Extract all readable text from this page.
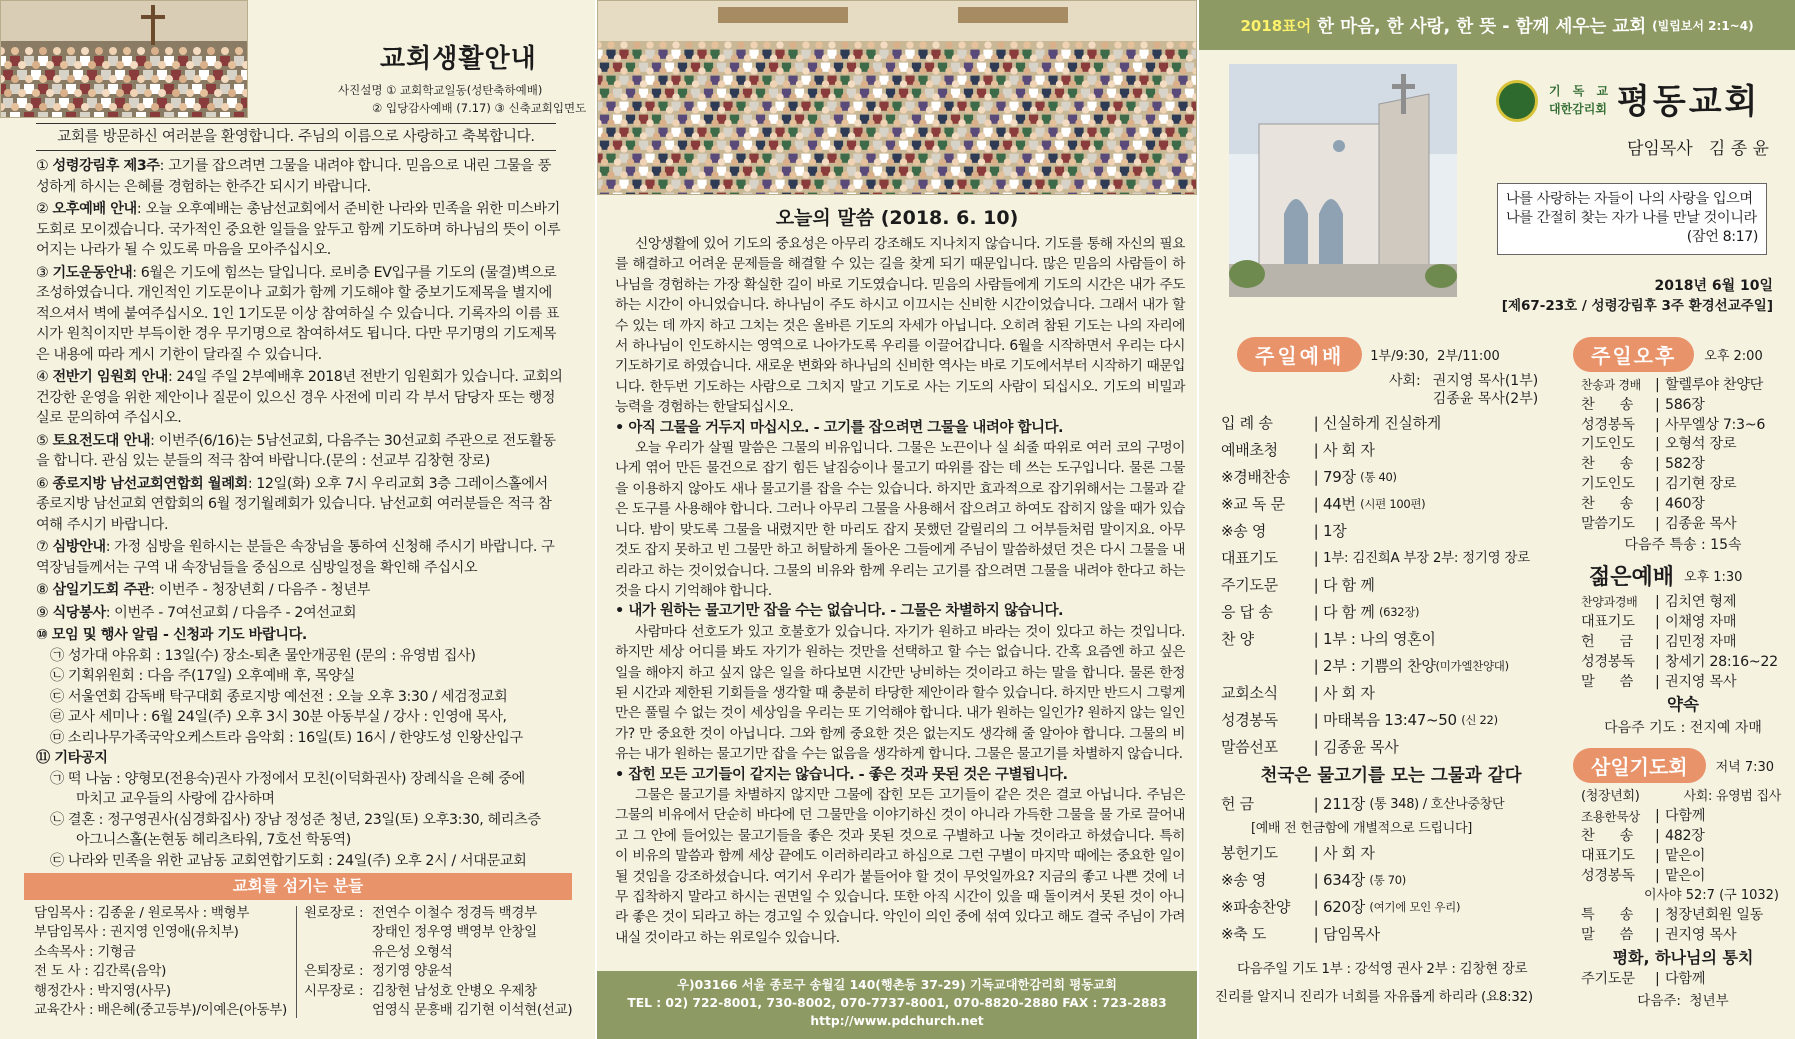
교회생활안내
사진설명 ① 교회학교일동(성탄축하예배)
② 입당감사예배 (7.17) ③ 신축교회입면도
교회를 방문하신 여러분을 환영합니다. 주님의 이름으로 사랑하고 축복합니다.
① 성령강림후 제3주: 고기를 잡으려면 그물을 내려야 합니다. 믿음으로 내린 그물을 풍성하게 하시는 은혜를 경험하는 한주간 되시기 바랍니다.
② 오후예배 안내: 오늘 오후예배는 총남선교회에서 준비한 나라와 민족을 위한 미스바기도회로 모이겠습니다. 국가적인 중요한 일들을 앞두고 함께 기도하며 하나님의 뜻이 이루어지는 나라가 될 수 있도록 마음을 모아주십시오.
③ 기도운동안내: 6월은 기도에 힘쓰는 달입니다. 로비층 EV입구를 기도의 (물결)벽으로 조성하였습니다. 개인적인 기도문이나 교회가 함께 기도해야 할 중보기도제목을 별지에 적으셔서 벽에 붙여주십시오. 1인 1기도문 이상 참여하실 수 있습니다. 기록자의 이름 표시가 원칙이지만 부득이한 경우 무기명으로 참여하셔도 됩니다. 다만 무기명의 기도제목은 내용에 따라 게시 기한이 달라질 수 있습니다.
④ 전반기 임원회 안내: 24일 주일 2부예배후 2018년 전반기 임원회가 있습니다. 교회의 건강한 운영을 위한 제안이나 질문이 있으신 경우 사전에 미리 각 부서 담당자 또는 행정실로 문의하여 주십시오.
⑤ 토요전도대 안내: 이번주(6/16)는 5남선교회, 다음주는 30선교회 주관으로 전도활동을 합니다. 관심 있는 분들의 적극 참여 바랍니다.(문의 : 선교부 김창현 장로)
⑥ 종로지방 남선교회연합회 월례회: 12일(화) 오후 7시 우리교회 3층 그레이스홀에서 종로지방 남선교회 연합회의 6월 정기월례회가 있습니다. 남선교회 여러분들은 적극 참여해 주시기 바랍니다.
⑦ 심방안내: 가정 심방을 원하시는 분들은 속장님을 통하여 신청해 주시기 바랍니다. 구역장님들께서는 구역 내 속장님들을 중심으로 심방일정을 확인해 주십시오
⑧ 삼일기도회 주관: 이번주 - 청장년회 / 다음주 - 청년부
⑨ 식당봉사: 이번주 - 7여선교회 / 다음주 - 2여선교회
⑩ 모임 및 행사 알림 - 신청과 기도 바랍니다.
㉠ 성가대 야유회 : 13일(수) 장소-퇴촌 물안개공원 (문의 : 유영범 집사)
㉡ 기획위원회 : 다음 주(17일) 오후예배 후, 목양실
㉢ 서울연회 감독배 탁구대회 종로지방 예선전 : 오늘 오후 3:30 / 세검정교회
㉣ 교사 세미나 : 6월 24일(주) 오후 3시 30분 아동부실 / 강사 : 인영애 목사,
㉤ 소리나무가족국악오케스트라 음악회 : 16일(토) 16시 / 한양도성 인왕산입구
⑪ 기타공지
㉠ 떡 나눔 : 양형모(전용숙)권사 가정에서 모친(이덕화권사) 장례식을 은혜 중에
마치고 교우들의 사랑에 감사하며
㉡ 결혼 : 정구영권사(심경화집사) 장남 정성준 청년, 23일(토) 오후3:30, 헤리츠증
아그니스홀(논현동 헤리츠타워, 7호선 학동역)
㉢ 나라와 민족을 위한 교남동 교회연합기도회 : 24일(주) 오후 2시 / 서대문교회
교회를 섬기는 분들
담임목사 : 김종윤 / 원로목사 : 백형부
부담임목사 : 권지영 인영애(유치부)
소속목사 : 기형금
전 도 사 : 김간록(음악)
행정간사 : 박지영(사무)
교육간사 : 배은혜(중고등부)/이예은(아동부)
원로장로 : 전연수 이철수 정경득 백경부
장태인 정우영 백영부 안창일
유은성 오형석
은퇴장로 : 정기영 양윤석
시무장로 : 김창현 남성호 안병오 우제창
엄영식 문흥배 김기현 이석현(선교)
오늘의 말씀 (2018. 6. 10)
신앙생활에 있어 기도의 중요성은 아무리 강조해도 지나치지 않습니다. 기도를 통해 자신의 필요를 해결하고 어려운 문제들을 해결할 수 있는 길을 찾게 되기 때문입니다. 많은 믿음의 사람들이 하나님을 경험하는 가장 확실한 길이 바로 기도였습니다. 믿음의 사람들에게 기도의 시간은 내가 주도하는 시간이 아니었습니다. 하나님이 주도 하시고 이끄시는 신비한 시간이었습니다. 그래서 내가 할수 있는 데 까지 하고 그치는 것은 올바른 기도의 자세가 아닙니다. 오히려 참된 기도는 나의 자리에서 하나님이 인도하시는 영역으로 나아가도록 우리를 이끌어갑니다. 6월을 시작하면서 우리는 다시 기도하기로 하였습니다. 새로운 변화와 하나님의 신비한 역사는 바로 기도에서부터 시작하기 때문입니다. 한두번 기도하는 사람으로 그치지 말고 기도로 사는 기도의 사람이 되십시오. 기도의 비밀과 능력을 경험하는 한달되십시오.
• 아직 그물을 거두지 마십시오. - 고기를 잡으려면 그물을 내려야 합니다.
오늘 우리가 살필 말씀은 그물의 비유입니다. 그물은 노끈이나 실 쇠줄 따위로 여러 코의 구멍이 나게 엮어 만든 물건으로 잡기 힘든 날짐승이나 물고기 따위를 잡는 데 쓰는 도구입니다. 물론 그물을 이용하지 않아도 새나 물고기를 잡을 수는 있습니다. 하지만 효과적으로 잡기위해서는 그물과 같은 도구를 사용해야 합니다. 그러나 아무리 그물을 사용해서 잡으려고 하여도 잡히지 않을 때가 있습니다. 밤이 맞도록 그물을 내렸지만 한 마리도 잡지 못했던 갈릴리의 그 어부들처럼 말이지요. 아무것도 잡지 못하고 빈 그물만 하고 허탈하게 돌아온 그들에게 주님이 말씀하셨던 것은 다시 그물을 내리라고 하는 것이었습니다. 그물의 비유와 함께 우리는 고기를 잡으려면 그물을 내려야 한다고 하는 것을 다시 기억해야 합니다.
• 내가 원하는 물고기만 잡을 수는 없습니다. - 그물은 차별하지 않습니다.
사람마다 선호도가 있고 호불호가 있습니다. 자기가 원하고 바라는 것이 있다고 하는 것입니다. 하지만 세상 어디를 봐도 자기가 원하는 것만을 선택하고 할 수는 없습니다. 간혹 요즘엔 하고 싶은 일을 해야지 하고 싶지 않은 일을 하다보면 시간만 낭비하는 것이라고 하는 말을 합니다. 물론 한정된 시간과 제한된 기회들을 생각할 때 충분히 타당한 제안이라 할수 있습니다. 하지만 반드시 그렇게 만은 풀릴 수 없는 것이 세상임을 우리는 또 기억해야 합니다. 내가 원하는 일인가? 원하지 않는 일인가? 만 중요한 것이 아닙니다. 그와 함께 중요한 것은 없는지도 생각해 줄 알아야 합니다. 그물의 비유는 내가 원하는 물고기만 잡을 수는 없음을 생각하게 합니다. 그물은 물고기를 차별하지 않습니다.
• 잡힌 모든 고기들이 같지는 않습니다. - 좋은 것과 못된 것은 구별됩니다.
그물은 물고기를 차별하지 않지만 그물에 잡힌 모든 고기들이 같은 것은 결코 아닙니다. 주님은 그물의 비유에서 단순히 바다에 던 그물만을 이야기하신 것이 아니라 가득한 그물을 물 가로 끌어내고 그 안에 들어있는 물고기들을 좋은 것과 못된 것으로 구별하고 나눌 것이라고 하셨습니다. 특히 이 비유의 말씀과 함께 세상 끝에도 이러하리라고 하심으로 그런 구별이 마지막 때에는 중요한 일이 될 것임을 강조하셨습니다. 여기서 우리가 붙들어야 할 것이 무엇일까요? 지금의 좋고 나쁜 것에 너무 집착하지 말라고 하시는 권면일 수 있습니다. 또한 아직 시간이 있을 때 돌이켜서 못된 것이 아니라 좋은 것이 되라고 하는 경고일 수 있습니다. 악인이 의인 중에 섞여 있다고 해도 결국 주님이 가려내실 것이라고 하는 위로일수 있습니다.
우)03166 서울 종로구 송월길 140(행촌동 37-29) 기독교대한감리회 평동교회
TEL : 02) 722-8001, 730-8002, 070-7737-8001, 070-8820-2880 FAX : 723-2883
http://www.pdchurch.net
2018표어 한 마음, 한 사랑, 한 뜻 - 함께 세우는 교회 (빌립보서 2:1~4)
기 독 교
대한감리회 평동교회
담임목사   김 종 윤
나를 사랑하는 자들이 나의 사랑을 입으며 나를 간절히 찾는 자가 나를 만날 것이니라
(잠언 8:17)
2018년 6월 10일
[제67-23호 / 성령강림후 3주 환경선교주일]
주일예배	1부/9:30,  2부/11:00
사회: 권지영 목사(1부)
김종윤 목사(2부)
입 례 송	| 신실하게 진실하게
예배초청	| 사 회 자
※경배찬송	| 79장
(통 40)
※교 독 문	| 44번
(시편 100편)
※송 영	| 1장
대표기도	| 1부: 김진희A 부장 2부: 정기영 장로
주기도문	| 다 함 께
응 답 송	| 다 함 께
(632장)
찬 양	| 1부 : 나의 영혼이
| 2부 : 기쁨의 찬양 (미가엘찬양대)
교회소식	| 사 회 자
성경봉독	| 마태복음 13:47~50
(신 22)
말씀선포	| 김종윤 목사
천국은 물고기를 모는 그물과 같다
헌 금	| 211장
(통 348) / 호산나중창단
[예배 전 헌금함에 개별적으로 드립니다]
봉헌기도	| 사 회 자
※송 영	| 634장
(통 70)
※파송찬양	| 620장
(여기에 모인 우리)
※축 도	| 담임목사
다음주일 기도 1부 : 강석영 권사 2부 : 김창현 장로
진리를 알지니 진리가 너희를 자유롭게 하리라 (요8:32)
주일오후	오후 2:00
찬송과 경배 | 할렐루야 찬양단
찬      송	| 586장
성경봉독	| 사무엘상 7:3~6
기도인도	| 오형석 장로
찬      송	| 582장
기도인도	| 김기현 장로
찬      송	| 460장
말씀기도	| 김종윤 목사
다음주 특송 : 15속
젊은예배 오후 1:30
찬양과경배	| 김치연 형제
대표기도	| 이채영 자매
헌      금	| 김민정 자매
성경봉독	| 창세기 28:16~22
말      씀	| 권지영 목사
약속
다음주 기도 : 전지예 자매
삼일기도회	저녁 7:30
(청장년회)	사회: 유영범 집사
조용한묵상	| 다함께
찬      송	| 482장
대표기도	| 맡은이
성경봉독	| 맡은이
이사야 52:7 (구 1032)
특      송	| 청장년회원 일동
말      씀	| 권지영 목사
평화, 하나님의 통치
주기도문	| 다함께
다음주:  청년부
